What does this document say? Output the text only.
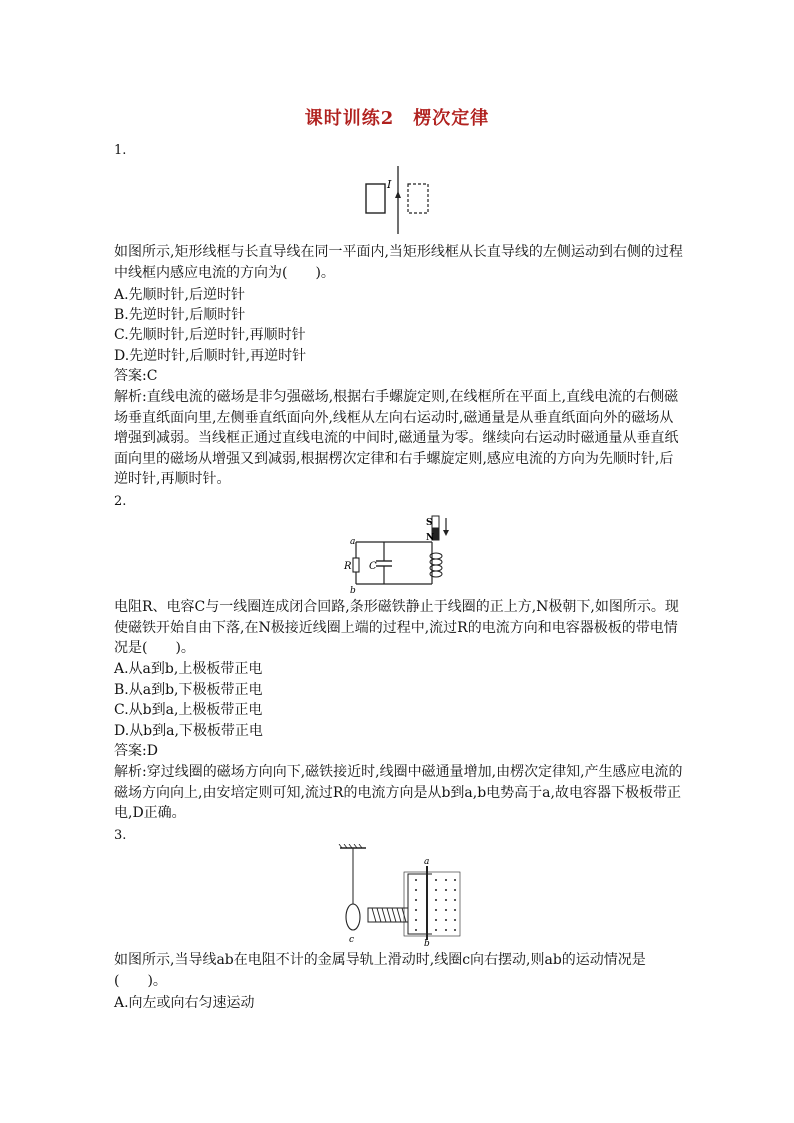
课时训练2　楞次定律
1.
I
如图所示,矩形线框与长直导线在同一平面内,当矩形线框从长直导线的左侧运动到右侧的过程中线框内感应电流的方向为(　　)。
A.先顺时针,后逆时针
B.先逆时针,后顺时针
C.先顺时针,后逆时针,再顺时针
D.先逆时针,后顺时针,再逆时针
答案:C
解析:直线电流的磁场是非匀强磁场,根据右手螺旋定则,在线框所在平面上,直线电流的右侧磁场垂直纸面向里,左侧垂直纸面向外,线框从左向右运动时,磁通量是从垂直纸面向外的磁场从增强到减弱。当线框正通过直线电流的中间时,磁通量为零。继续向右运动时磁通量从垂直纸面向里的磁场从增强又到减弱,根据楞次定律和右手螺旋定则,感应电流的方向为先顺时针,后逆时针,再顺时针。
2.
S
N
a
R C
b
电阻R、电容C与一线圈连成闭合回路,条形磁铁静止于线圈的正上方,N极朝下,如图所示。现使磁铁开始自由下落,在N极接近线圈上端的过程中,流过R的电流方向和电容器极板的带电情况是(　　)。
A.从a到b,上极板带正电
B.从a到b,下极板带正电
C.从b到a,上极板带正电
D.从b到a,下极板带正电
答案:D
解析:穿过线圈的磁场方向向下,磁铁接近时,线圈中磁通量增加,由楞次定律知,产生感应电流的磁场方向向上,由安培定则可知,流过R的电流方向是从b到a,b电势高于a,故电容器下极板带正电,D正确。
3.
c
a
b
如图所示,当导线ab在电阻不计的金属导轨上滑动时,线圈c向右摆动,则ab的运动情况是(　　)。
A.向左或向右匀速运动
